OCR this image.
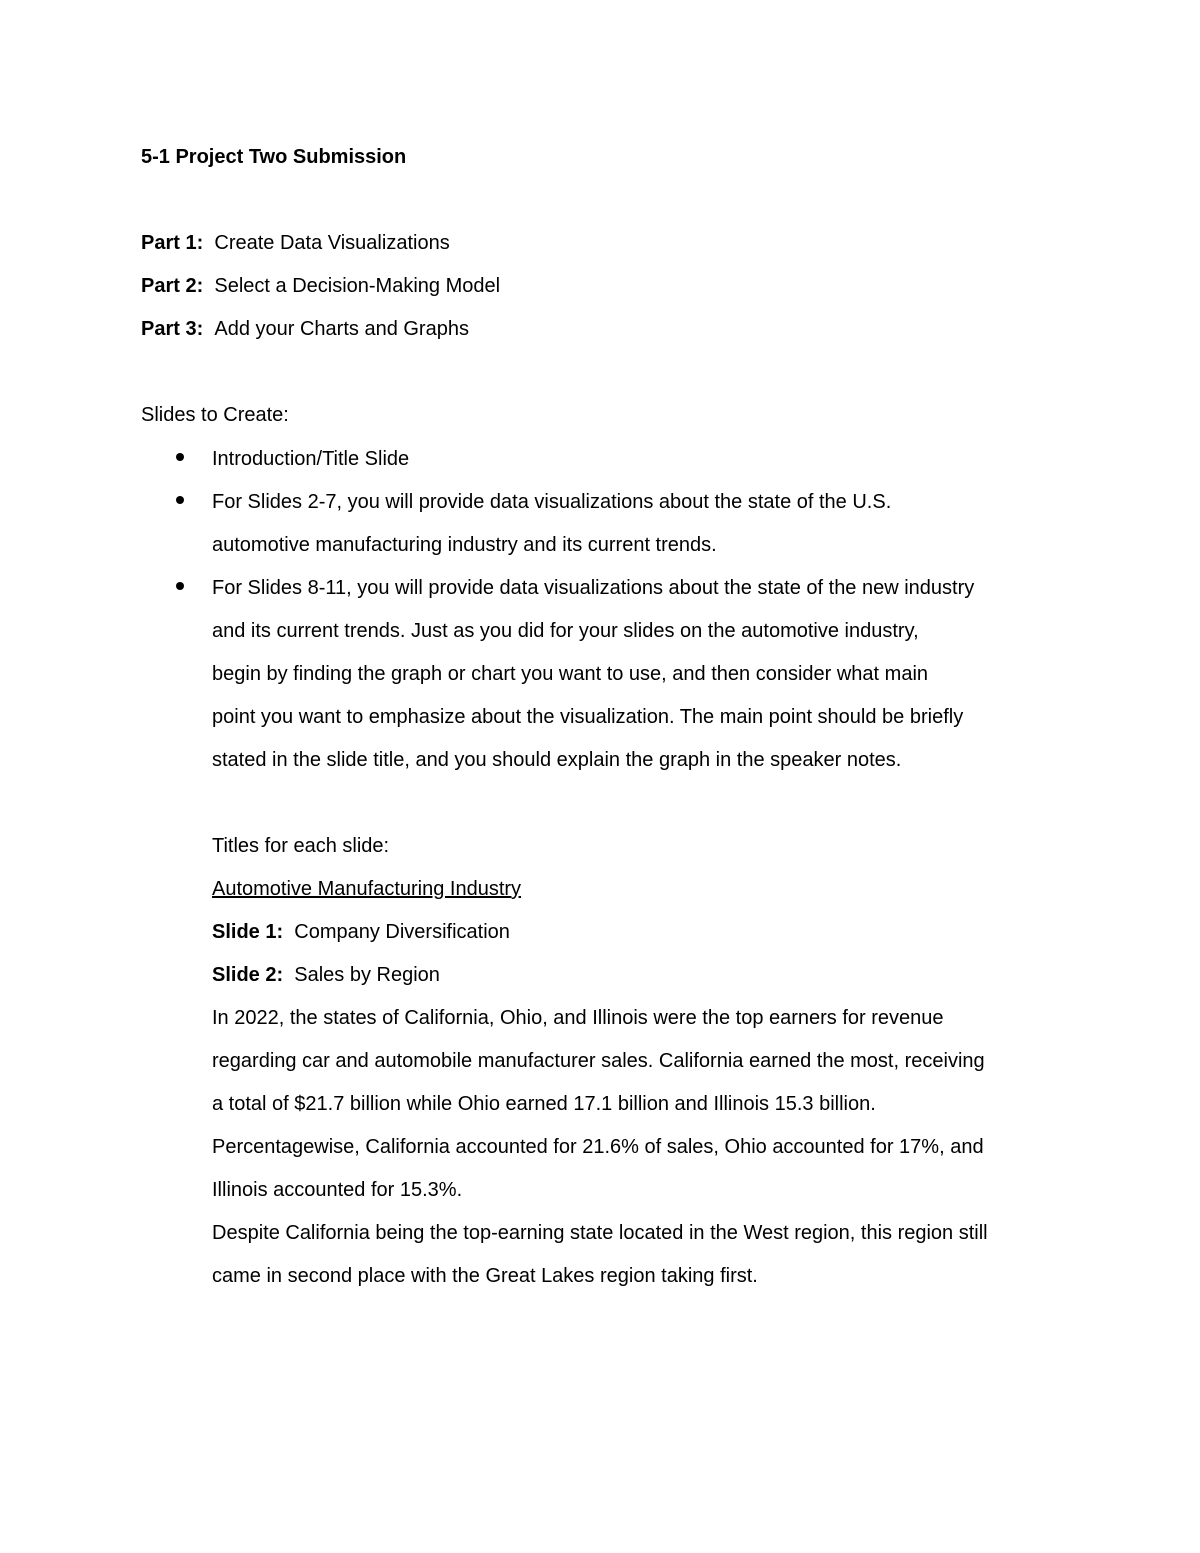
5-1 Project Two Submission
Part 1: Create Data Visualizations
Part 2: Select a Decision-Making Model
Part 3: Add your Charts and Graphs
Slides to Create:
Introduction/Title Slide
For Slides 2-7, you will provide data visualizations about the state of the U.S.
automotive manufacturing industry and its current trends.
For Slides 8-11, you will provide data visualizations about the state of the new industry
and its current trends. Just as you did for your slides on the automotive industry,
begin by finding the graph or chart you want to use, and then consider what main
point you want to emphasize about the visualization. The main point should be briefly
stated in the slide title, and you should explain the graph in the speaker notes.
Titles for each slide:
Automotive Manufacturing Industry
Slide 1: Company Diversification
Slide 2: Sales by Region
In 2022, the states of California, Ohio, and Illinois were the top earners for revenue
regarding car and automobile manufacturer sales. California earned the most, receiving
a total of $21.7 billion while Ohio earned 17.1 billion and Illinois 15.3 billion.
Percentagewise, California accounted for 21.6% of sales, Ohio accounted for 17%, and
Illinois accounted for 15.3%.
Despite California being the top-earning state located in the West region, this region still
came in second place with the Great Lakes region taking first.
